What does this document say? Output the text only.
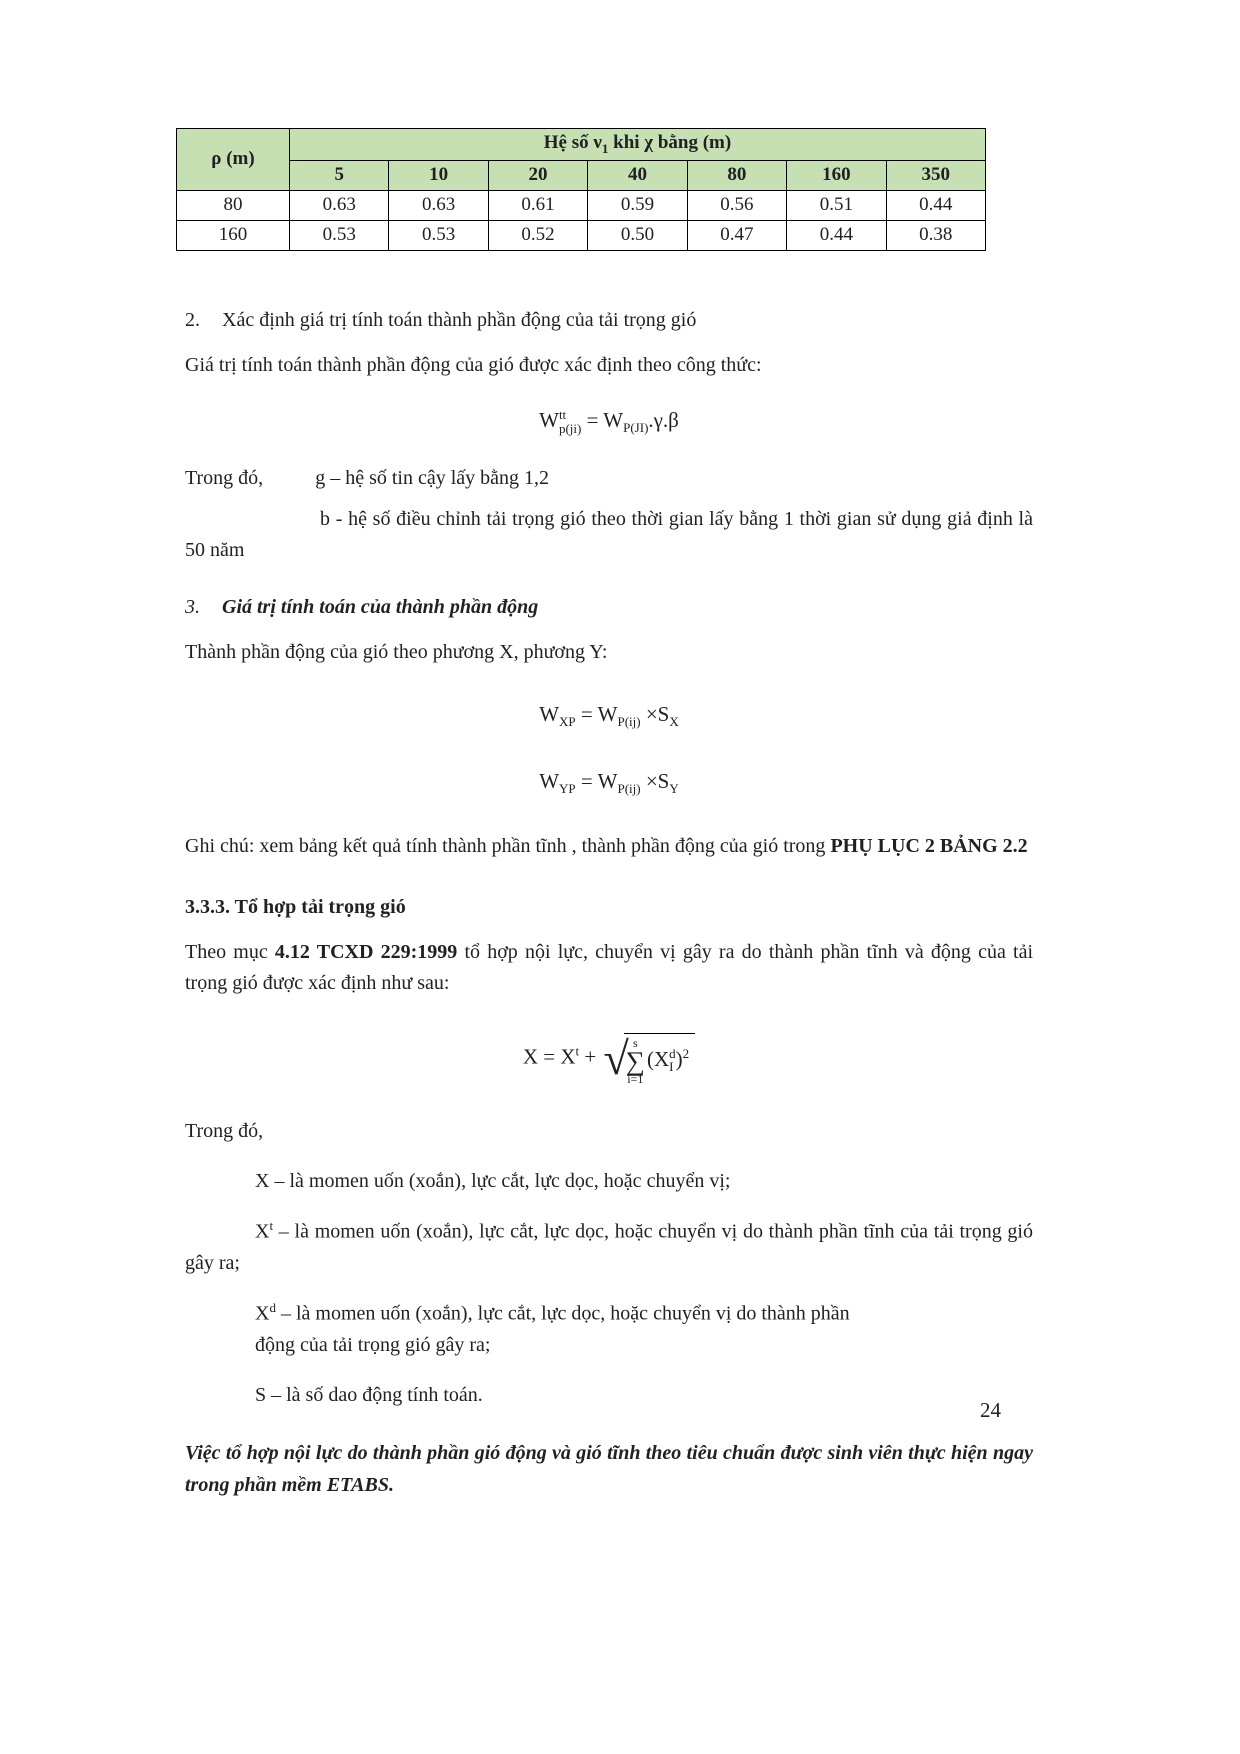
ρ (m)	Hệ số $\nu_1$ khi χ bằng (m)						
	5	10	20	40	80	160	350
80	0.63	0.63	0.61	0.59	0.56	0.51	0.44
160	0.53	0.53	0.52	0.50	0.47	0.44	0.38

2. Xác định giá trị tính toán thành phần động của tải trọng gió

Giá trị tính toán thành phần động của gió được xác định theo công thức:

W tt
$p(ji) = W_{P(JI)}.\gamma.\beta$

Trong đó,	g – hệ số tin cậy lấy bằng 1,2

b - hệ số điều chỉnh tải trọng gió theo thời gian lấy bằng 1 thời gian sử dụng giả định là 50 năm

3. Giá trị tính toán của thành phần động

Thành phần động của gió theo phương X, phương Y:

$W_{XP} = W_{P(ij)} \times S_X$
$W_{YP} = W_{P(ij)} \times S_Y$

Ghi chú: xem bảng kết quả tính thành phần tĩnh , thành phần động của gió trong PHỤ LỤC 2 BẢNG 2.2

3.3.3. Tổ hợp tải trọng gió

Theo mục 4.12 TCXD 229:1999 tổ hợp nội lực, chuyển vị gây ra do thành phần tĩnh và động của tải trọng gió được xác định như sau:

$X = X^t$ + √ s
∑
i=1
(X d
I )$^2$

Trong đó,

X – là momen uốn (xoắn), lực cắt, lực dọc, hoặc chuyển vị;

$X^t$ – là momen uốn (xoắn), lực cắt, lực dọc, hoặc chuyển vị do thành phần tĩnh của tải trọng gió gây ra;

$X^d$ – là momen uốn (xoắn), lực cắt, lực dọc, hoặc chuyển vị do thành phần
động của tải trọng gió gây ra;

S – là số dao động tính toán.

Việc tổ hợp nội lực do thành phần gió động và gió tĩnh theo tiêu chuẩn được sinh viên thực hiện ngay trong phần mềm ETABS.

24
